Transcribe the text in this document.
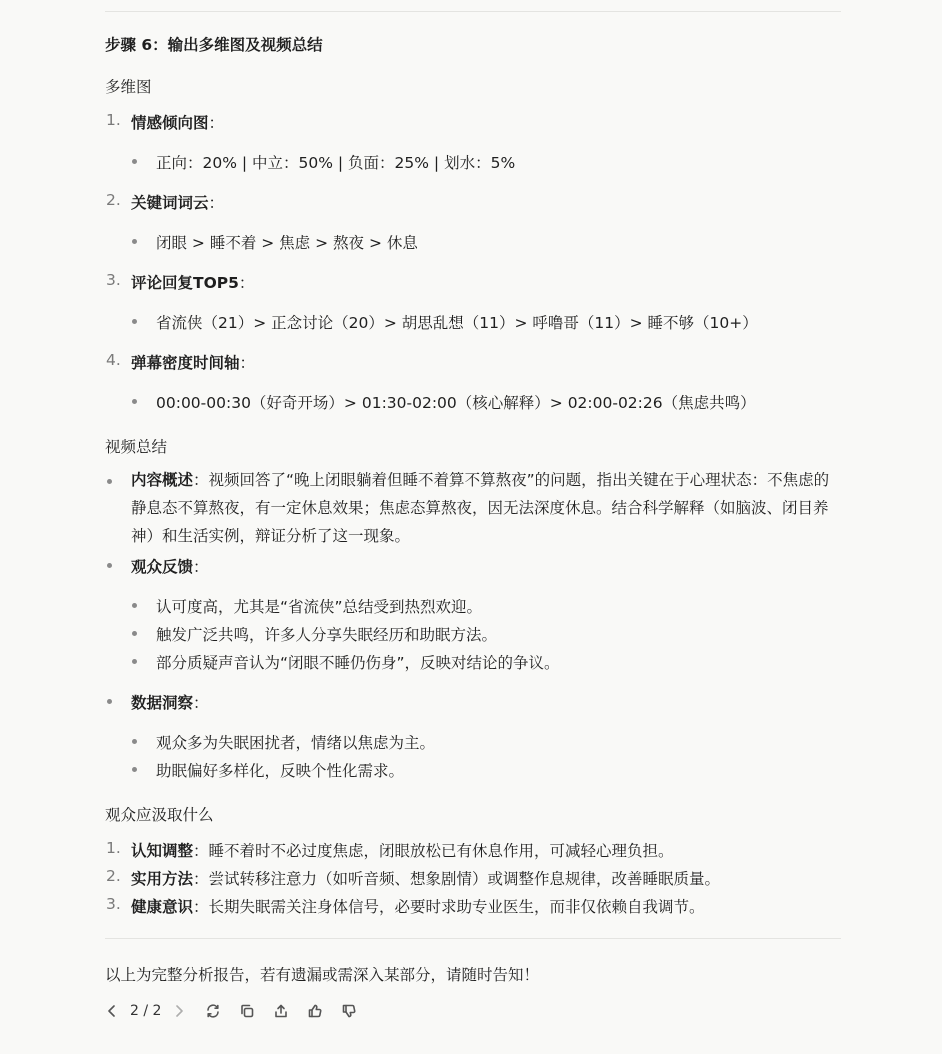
步骤 6：输出多维图及视频总结
多维图
1. 情感倾向图：
正向：20% | 中立：50% | 负面：25% | 划水：5%
2. 关键词词云：
闭眼 > 睡不着 > 焦虑 > 熬夜 > 休息
3. 评论回复TOP5：
省流侠（21）> 正念讨论（20）> 胡思乱想（11）> 呼噜哥（11）> 睡不够（10+）
4. 弹幕密度时间轴：
00:00-00:30（好奇开场）> 01:30-02:00（核心解释）> 02:00-02:26（焦虑共鸣）
视频总结
内容概述：视频回答了“晚上闭眼躺着但睡不着算不算熬夜”的问题，指出关键在于心理状态：不焦虑的静息态不算熬夜，有一定休息效果；焦虑态算熬夜，因无法深度休息。结合科学解释（如脑波、闭目养神）和生活实例，辩证分析了这一现象。
观众反馈：
认可度高，尤其是“省流侠”总结受到热烈欢迎。
触发广泛共鸣，许多人分享失眠经历和助眠方法。
部分质疑声音认为“闭眼不睡仍伤身”，反映对结论的争议。
数据洞察：
观众多为失眠困扰者，情绪以焦虑为主。
助眠偏好多样化，反映个性化需求。
观众应汲取什么
1. 认知调整：睡不着时不必过度焦虑，闭眼放松已有休息作用，可减轻心理负担。
2. 实用方法：尝试转移注意力（如听音频、想象剧情）或调整作息规律，改善睡眠质量。
3. 健康意识：长期失眠需关注身体信号，必要时求助专业医生，而非仅依赖自我调节。
以上为完整分析报告，若有遗漏或需深入某部分，请随时告知！
2 / 2
